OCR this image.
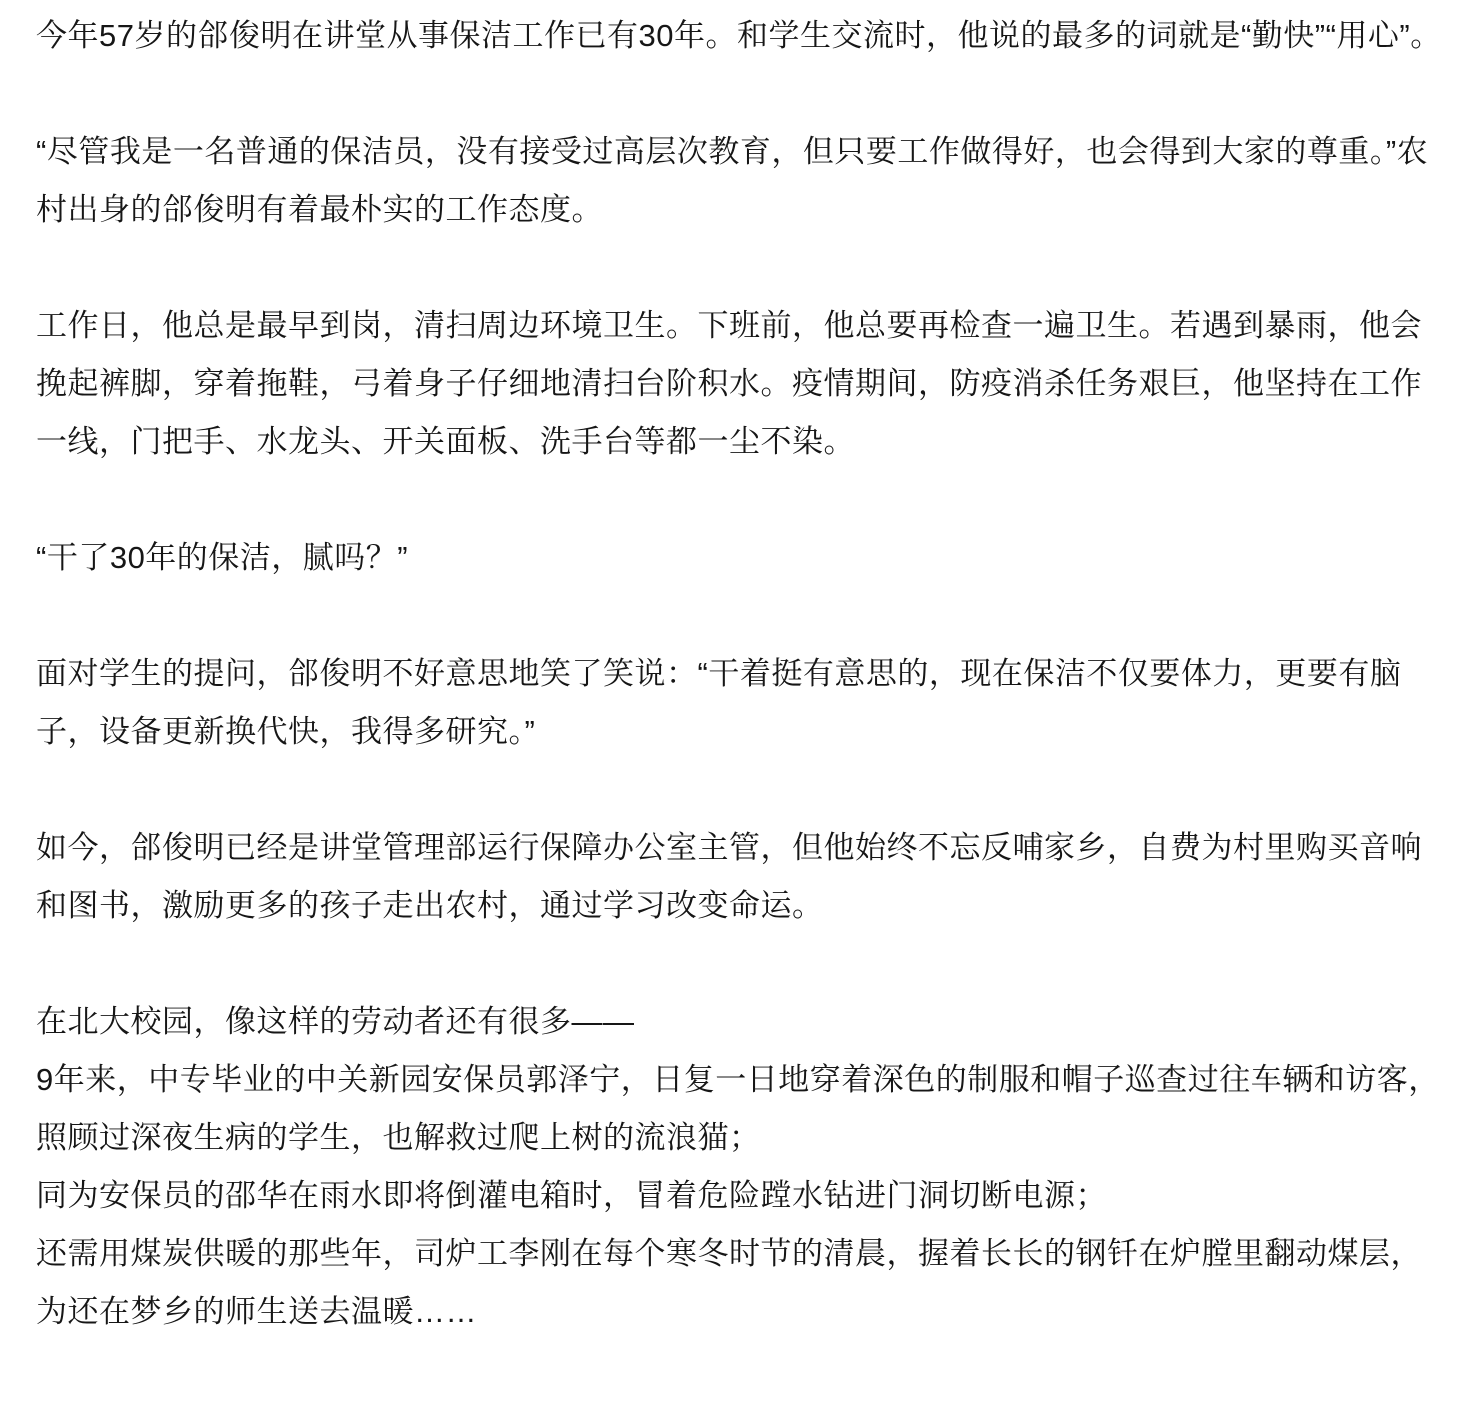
今年57岁的郃俊明在讲堂从事保洁工作已有30年。和学生交流时，他说的最多的词就是“勤快”“用心”。

“尽管我是一名普通的保洁员，没有接受过高层次教育，但只要工作做得好，也会得到大家的尊重。”农村出身的郃俊明有着最朴实的工作态度。

工作日，他总是最早到岗，清扫周边环境卫生。下班前，他总要再检查一遍卫生。若遇到暴雨，他会挽起裤脚，穿着拖鞋，弓着身子仔细地清扫台阶积水。疫情期间，防疫消杀任务艰巨，他坚持在工作一线，门把手、水龙头、开关面板、洗手台等都一尘不染。

“干了30年的保洁，腻吗？”

面对学生的提问，郃俊明不好意思地笑了笑说：“干着挺有意思的，现在保洁不仅要体力，更要有脑子，设备更新换代快，我得多研究。”

如今，郃俊明已经是讲堂管理部运行保障办公室主管，但他始终不忘反哺家乡，自费为村里购买音响和图书，激励更多的孩子走出农村，通过学习改变命运。

在北大校园，像这样的劳动者还有很多——
9年来，中专毕业的中关新园安保员郭泽宁，日复一日地穿着深色的制服和帽子巡查过往车辆和访客，照顾过深夜生病的学生，也解救过爬上树的流浪猫；
同为安保员的邵华在雨水即将倒灌电箱时，冒着危险蹚水钻进门洞切断电源；
还需用煤炭供暖的那些年，司炉工李刚在每个寒冬时节的清晨，握着长长的钢钎在炉膛里翻动煤层，为还在梦乡的师生送去温暖……
